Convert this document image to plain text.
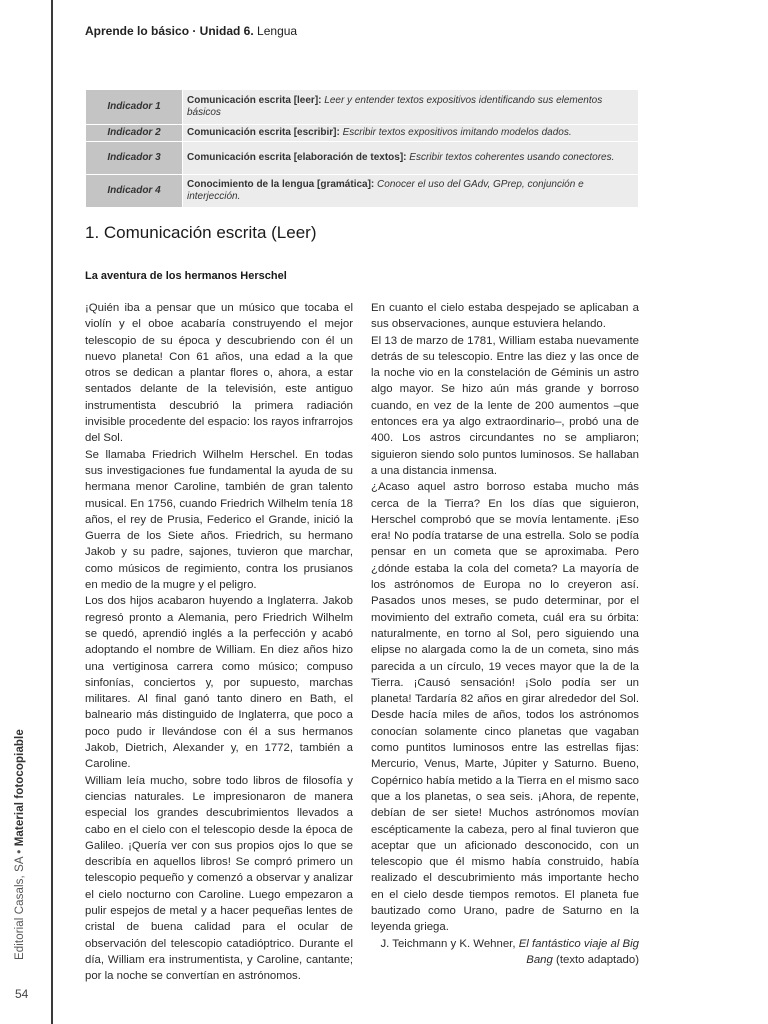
Editorial Casals, SA • Material fotocopiable
54
Aprende lo básico · Unidad 6. Lengua
Indicador 1	Comunicación escrita [leer]: Leer y entender textos expositivos identificando sus elementos básicos
Indicador 2	Comunicación escrita [escribir]: Escribir textos expositivos imitando modelos dados.
Indicador 3	Comunicación escrita [elaboración de textos]: Escribir textos coherentes usando conectores.
Indicador 4	Conocimiento de la lengua [gramática]: Conocer el uso del GAdv, GPrep, conjunción e interjección.
1. Comunicación escrita (Leer)
La aventura de los hermanos Herschel

¡Quién iba a pensar que un músico que tocaba el violín y el oboe acabaría construyendo el mejor telescopio de su época y descubriendo con él un nuevo planeta! Con 61 años, una edad a la que otros se dedican a plantar flores o, ahora, a estar sentados delante de la televisión, este antiguo instrumentista descubrió la primera radiación invisible procedente del espacio: los rayos infrarrojos del Sol.

Se llamaba Friedrich Wilhelm Herschel. En todas sus investigaciones fue fundamental la ayuda de su hermana menor Caroline, también de gran talento musical. En 1756, cuando Friedrich Wilhelm tenía 18 años, el rey de Prusia, Federico el Grande, inició la Guerra de los Siete años. Friedrich, su hermano Jakob y su padre, sajones, tuvieron que marchar, como músicos de regimiento, contra los prusianos en medio de la mugre y el peligro.

Los dos hijos acabaron huyendo a Inglaterra. Jakob regresó pronto a Alemania, pero Friedrich Wilhelm se quedó, aprendió inglés a la perfección y acabó adoptando el nombre de William. En diez años hizo una vertiginosa carrera como músico; compuso sinfonías, conciertos y, por supuesto, marchas militares. Al final ganó tanto dinero en Bath, el balneario más distinguido de Inglaterra, que poco a poco pudo ir llevándose con él a sus hermanos Jakob, Dietrich, Alexander y, en 1772, también a Caroline.

William leía mucho, sobre todo libros de filosofía y ciencias naturales. Le impresionaron de manera especial los grandes descubrimientos llevados a cabo en el cielo con el telescopio desde la época de Galileo. ¡Quería ver con sus propios ojos lo que se describía en aquellos libros! Se compró primero un telescopio pequeño y comenzó a observar y analizar el cielo nocturno con Caroline. Luego empezaron a pulir espejos de metal y a hacer pequeñas lentes de cristal de buena calidad para el ocular de observación del telescopio catadióptrico. Durante el día, William era instrumentista, y Caroline, cantante; por la noche se convertían en astrónomos.

En cuanto el cielo estaba despejado se aplicaban a sus observaciones, aunque estuviera helando.

El 13 de marzo de 1781, William estaba nuevamente detrás de su telescopio. Entre las diez y las once de la noche vio en la constelación de Géminis un astro algo mayor. Se hizo aún más grande y borroso cuando, en vez de la lente de 200 aumentos –que entonces era ya algo extraordinario–, probó una de 400. Los astros circundantes no se ampliaron; siguieron siendo solo puntos luminosos. Se hallaban a una distancia inmensa.

¿Acaso aquel astro borroso estaba mucho más cerca de la Tierra? En los días que siguieron, Herschel comprobó que se movía lentamente. ¡Eso era! No podía tratarse de una estrella. Solo se podía pensar en un cometa que se aproximaba. Pero ¿dónde estaba la cola del cometa? La mayoría de los astrónomos de Europa no lo creyeron así. Pasados unos meses, se pudo determinar, por el movimiento del extraño cometa, cuál era su órbita: naturalmente, en torno al Sol, pero siguiendo una elipse no alargada como la de un cometa, sino más parecida a un círculo, 19 veces mayor que la de la Tierra. ¡Causó sensación! ¡Solo podía ser un planeta! Tardaría 82 años en girar alrededor del Sol. Desde hacía miles de años, todos los astrónomos conocían solamente cinco planetas que vagaban como puntitos luminosos entre las estrellas fijas: Mercurio, Venus, Marte, Júpiter y Saturno. Bueno, Copérnico había metido a la Tierra en el mismo saco que a los planetas, o sea seis. ¡Ahora, de repente, debían de ser siete! Muchos astrónomos movían escépticamente la cabeza, pero al final tuvieron que aceptar que un aficionado desconocido, con un telescopio que él mismo había construido, había realizado el descubrimiento más importante hecho en el cielo desde tiempos remotos. El planeta fue bautizado como Urano, padre de Saturno en la leyenda griega.

J. Teichmann y K. Wehner, El fantástico viaje al Big Bang (texto adaptado)
